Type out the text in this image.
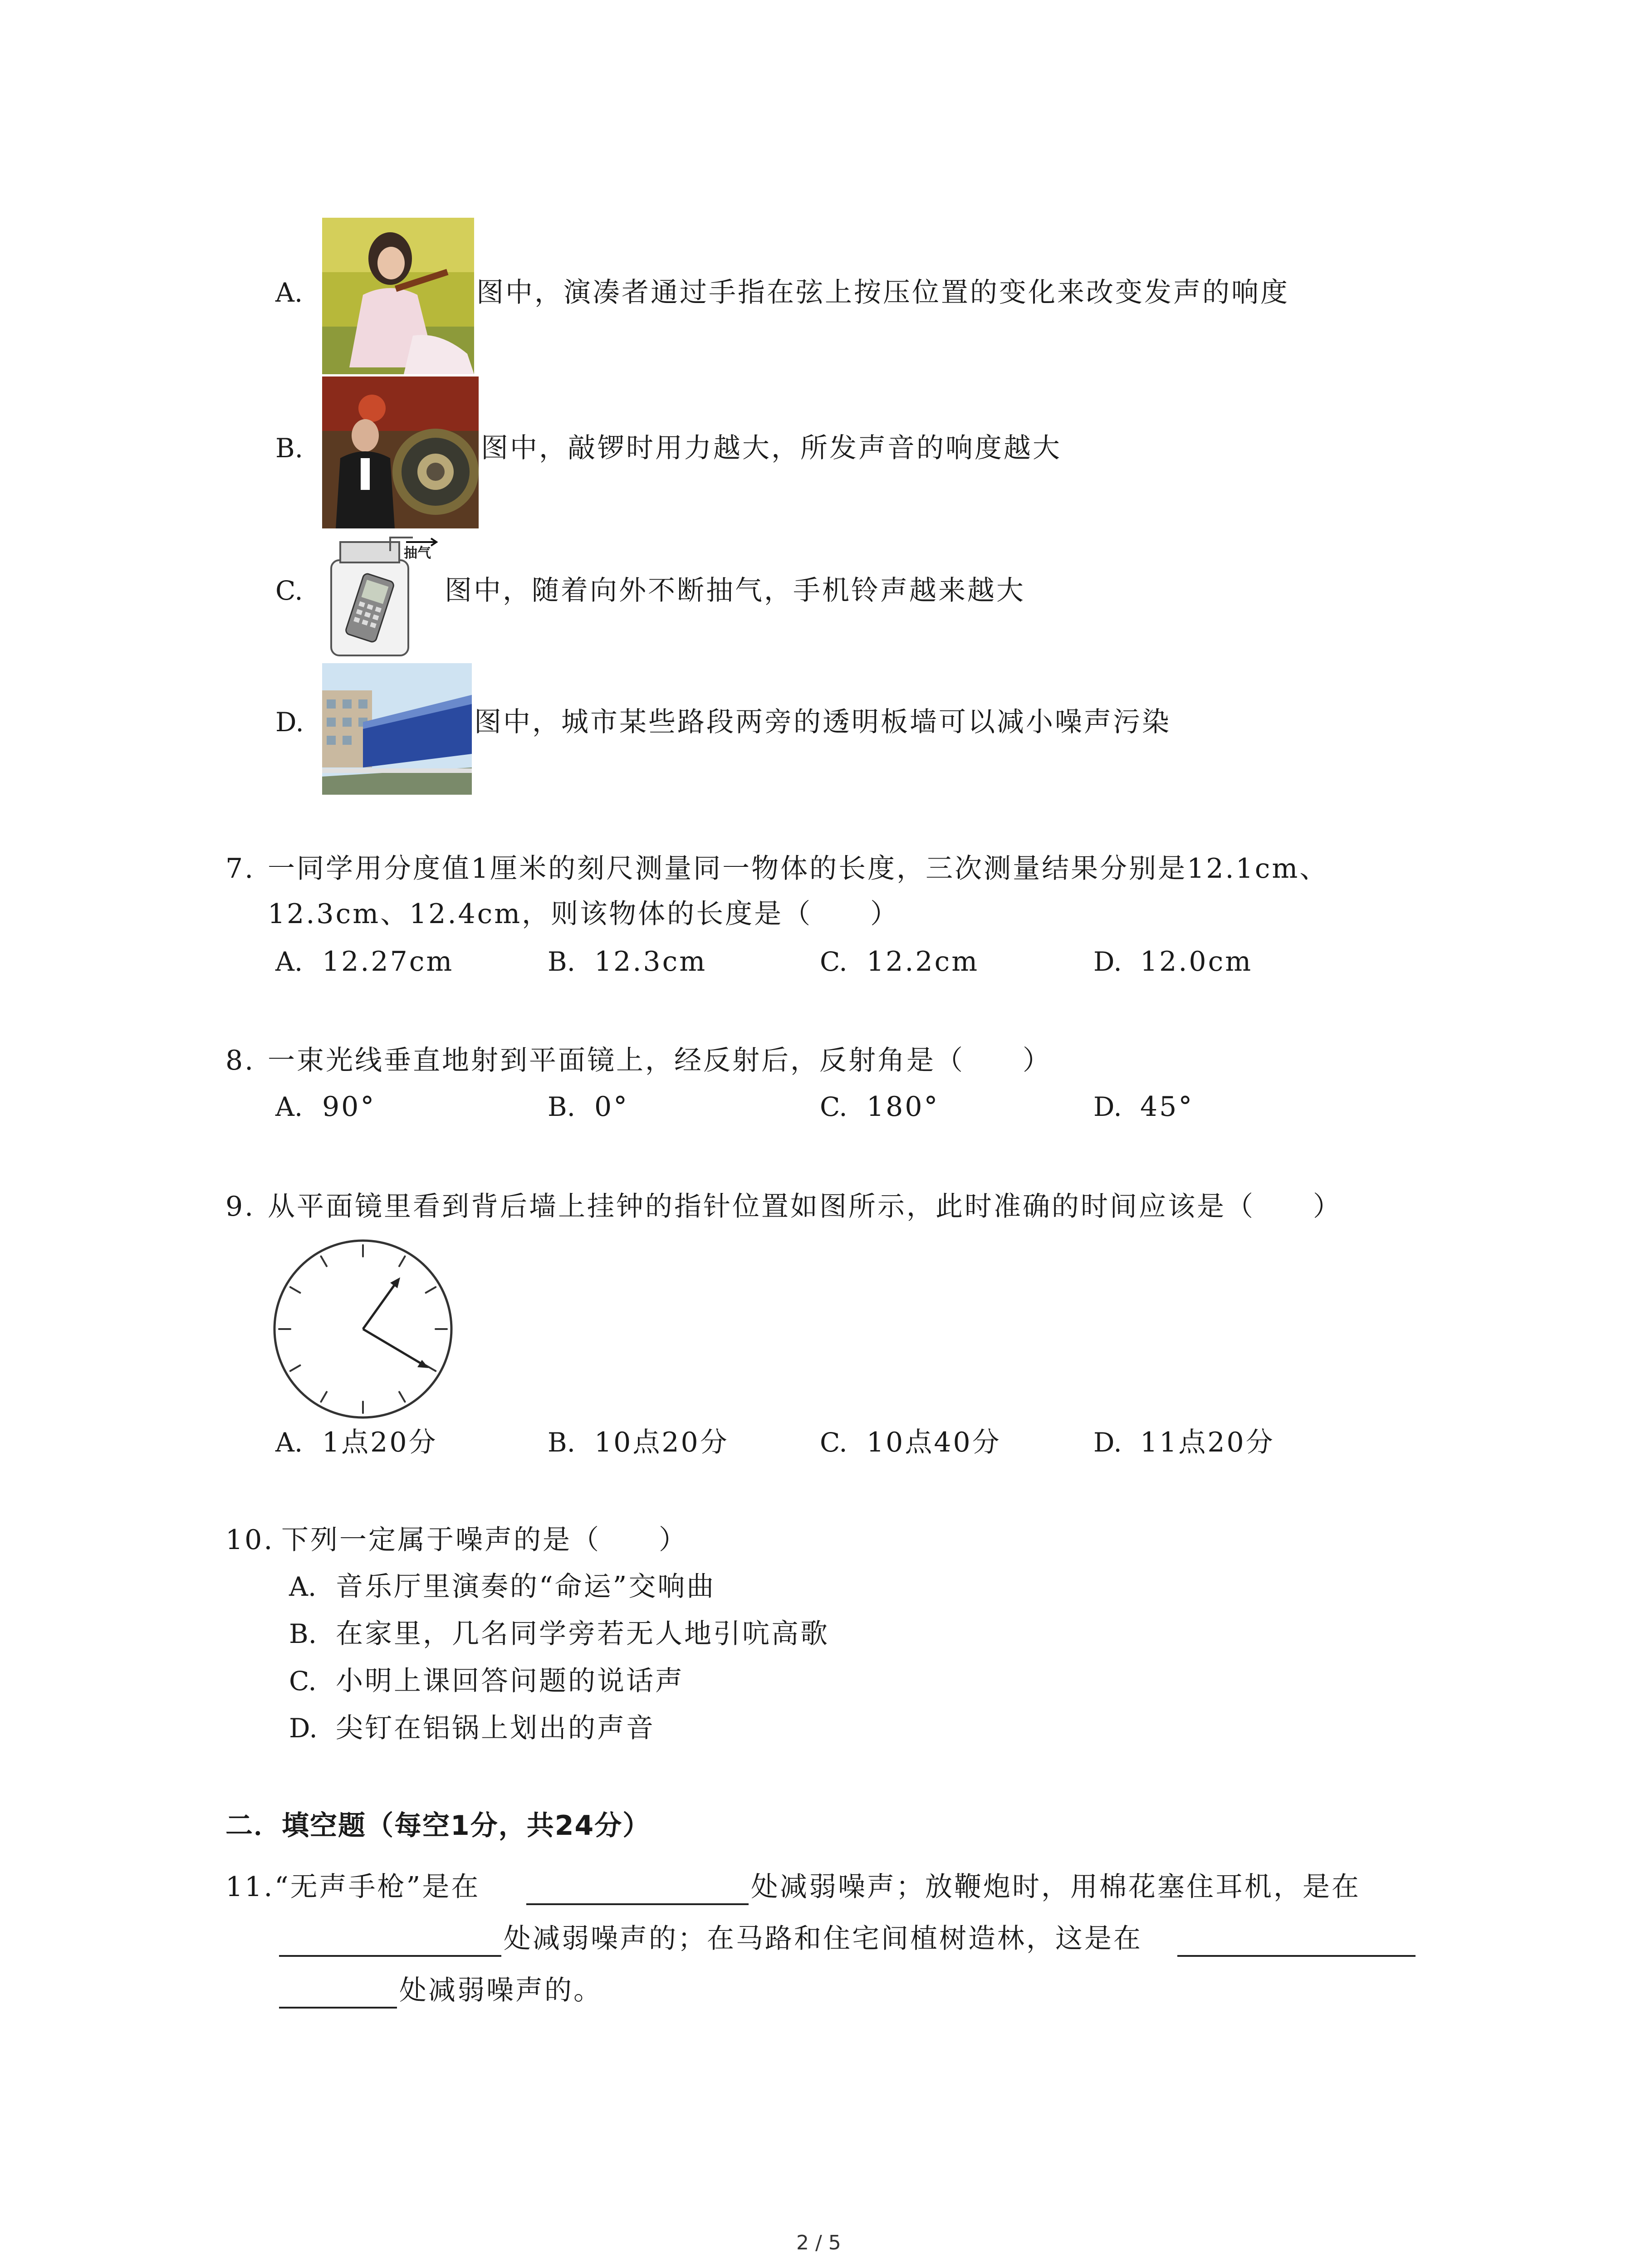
A.	图中，演凑者通过手指在弦上按压位置的变化来改变发声的响度
B.	图中，敲锣时用力越大，所发声音的响度越大
C.
抽气
图中，随着向外不断抽气，手机铃声越来越大
D.	图中，城市某些路段两旁的透明板墙可以减小噪声污染
7. 一同学用分度值1厘米的刻尺测量同一物体的长度，三次测量结果分别是12.1cm、
12.3cm、12.4cm，则该物体的长度是（　　）
A. 12.27cm	B. 12.3cm	C. 12.2cm	D. 12.0cm
8. 一束光线垂直地射到平面镜上，经反射后，反射角是（　　）
A. 90°	B. 0°	C. 180°	D. 45°
9. 从平面镜里看到背后墙上挂钟的指针位置如图所示，此时准确的时间应该是（　　）
A. 1点20分	B. 10点20分	C. 10点40分	D. 11点20分
10. 下列一定属于噪声的是（　　）
A. 音乐厅里演奏的“命运”交响曲
B. 在家里，几名同学旁若无人地引吭高歌
C. 小明上课回答问题的说话声
D. 尖钉在铝锅上划出的声音
二．填空题（每空1分，共24分）
11. “无声手枪”是在	处减弱噪声；放鞭炮时，用棉花塞住耳机，是在
处减弱噪声的；在马路和住宅间植树造林，这是在
处减弱噪声的。
2 / 5
